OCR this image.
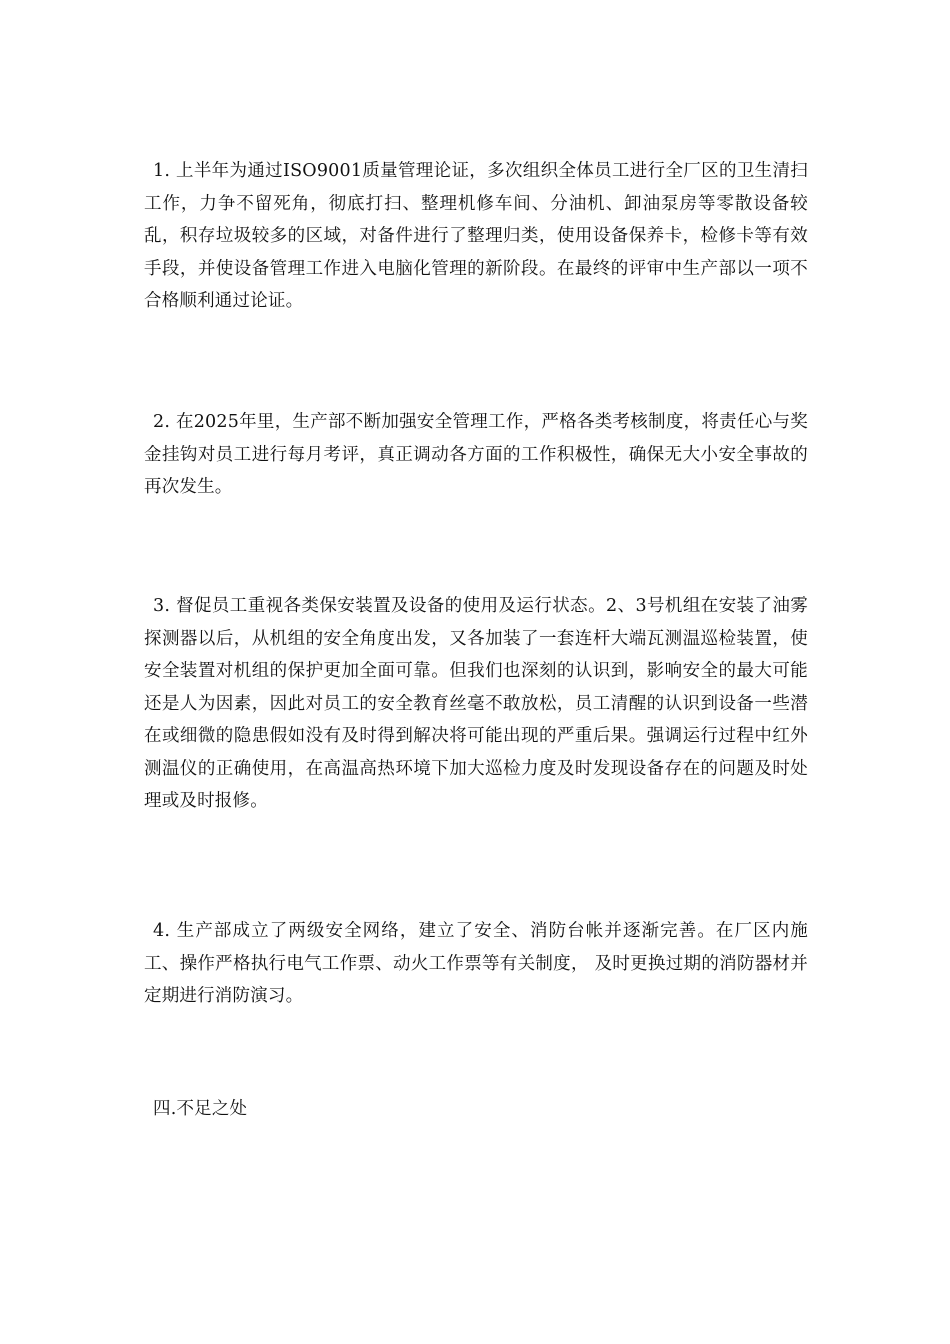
1. 上半年为通过ISO9001质量管理论证，多次组织全体员工进行全厂区的卫生清扫工作，力争不留死角，彻底打扫、整理机修车间、分油机、卸油泵房等零散设备较乱，积存垃圾较多的区域，对备件进行了整理归类，使用设备保养卡，检修卡等有效手段，并使设备管理工作进入电脑化管理的新阶段。在最终的评审中生产部以一项不合格顺利通过论证。

2. 在2025年里，生产部不断加强安全管理工作，严格各类考核制度，将责任心与奖金挂钩对员工进行每月考评，真正调动各方面的工作积极性，确保无大小安全事故的再次发生。

3. 督促员工重视各类保安装置及设备的使用及运行状态。2、3号机组在安装了油雾探测器以后，从机组的安全角度出发，又各加装了一套连杆大端瓦测温巡检装置，使安全装置对机组的保护更加全面可靠。但我们也深刻的认识到，影响安全的最大可能还是人为因素，因此对员工的安全教育丝毫不敢放松，员工清醒的认识到设备一些潜在或细微的隐患假如没有及时得到解决将可能出现的严重后果。强调运行过程中红外测温仪的正确使用，在高温高热环境下加大巡检力度及时发现设备存在的问题及时处理或及时报修。

4. 生产部成立了两级安全网络，建立了安全、消防台帐并逐渐完善。在厂区内施工、操作严格执行电气工作票、动火工作票等有关制度， 及时更换过期的消防器材并定期进行消防演习。

四.不足之处
